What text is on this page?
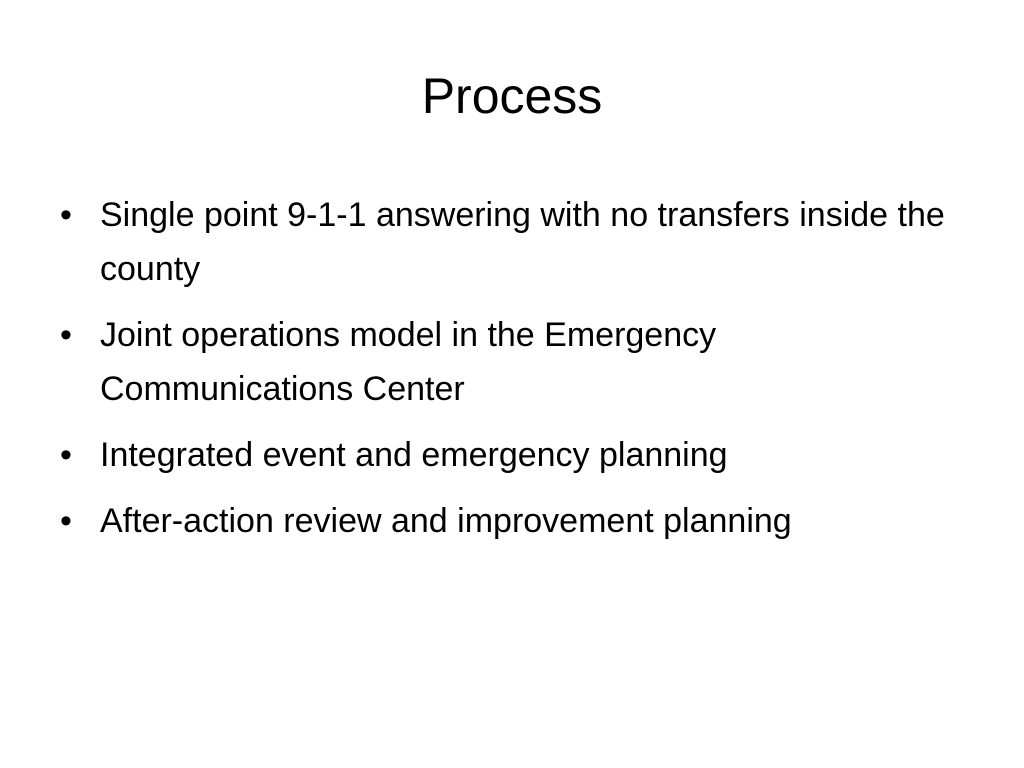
Process
• Single point 9-1-1 answering with no transfers inside the county
• Joint operations model in the Emergency Communications Center
• Integrated event and emergency planning
• After-action review and improvement planning
